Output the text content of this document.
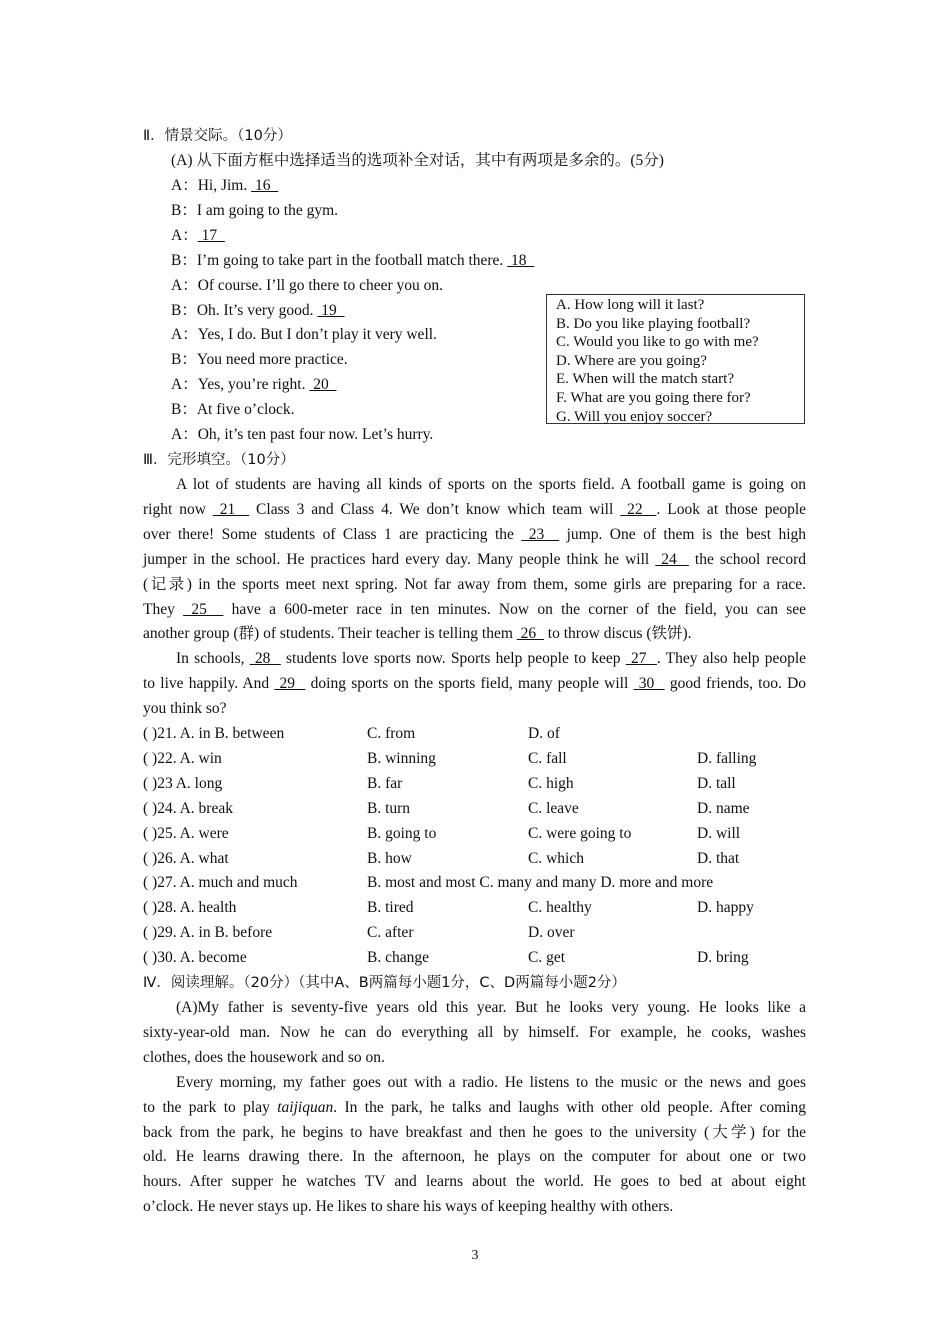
Ⅱ．情景交际。（10分）
(A) 从下面方框中选择适当的选项补全对话，其中有两项是多余的。(5分)
A：Hi, Jim.  16
B：I am going to the gym.
A： 17
B：I’m going to take part in the football match there.  18
A：Of course. I’ll go there to cheer you on.
B：Oh. It’s very good.  19
A：Yes, I do. But I don’t play it very well.
B：You need more practice.
A：Yes, you’re right.  20
B：At five o’clock.
A：Oh, it’s ten past four now. Let’s hurry.
A. How long will it last?
B. Do you like playing football?
C. Would you like to go with me?
D. Where are you going?
E. When will the match start?
F. What are you going there for?
G. Will you enjoy soccer?
Ⅲ．完形填空。（10分）
A lot of students are having all kinds of sports on the sports field. A football game is going on
right now  21   Class 3 and Class 4. We don’t know which team will  22  . Look at those people
over there! Some students of Class 1 are practicing the  23   jump. One of them is the best high
jumper in the school. He practices hard every day. Many people think he will  24   the school record
(记录) in the sports meet next spring. Not far away from them, some girls are preparing for a race.
They  25   have a 600-meter race in ten minutes. Now on the corner of the field, you can see
another group (群) of students. Their teacher is telling them  26   to throw discus (铁饼).
In schools,  28   students love sports now. Sports help people to keep  27  . They also help people
to live happily. And  29   doing sports on the sports field, many people will  30   good friends, too. Do
you think so?
( )21. A. in B. between	C. from	D. of
( )22. A. win	B. winning	C. fall	D. falling
( )23 A. long	B. far	C. high	D. tall
( )24. A. break	B. turn	C. leave	D. name
( )25. A. were	B. going to	C. were going to	D. will
( )26. A. what	B. how	C. which	D. that
( )27. A. much and much	B. most and most C. many and many D. more and more
( )28. A. health	B. tired	C. healthy	D. happy
( )29. A. in B. before	C. after	D. over
( )30. A. become	B. change	C. get	D. bring
Ⅳ．阅读理解。（20分）（其中A、B两篇每小题1分，C、D两篇每小题2分）
(A)My father is seventy-five years old this year. But he looks very young. He looks like a
sixty-year-old man. Now he can do everything all by himself. For example, he cooks, washes
clothes, does the housework and so on.
Every morning, my father goes out with a radio. He listens to the music or the news and goes
to the park to play taijiquan. In the park, he talks and laughs with other old people. After coming
back from the park, he begins to have breakfast and then he goes to the university (大学) for the
old. He learns drawing there. In the afternoon, he plays on the computer for about one or two
hours. After supper he watches TV and learns about the world. He goes to bed at about eight
o’clock. He never stays up. He likes to share his ways of keeping healthy with others.
3
